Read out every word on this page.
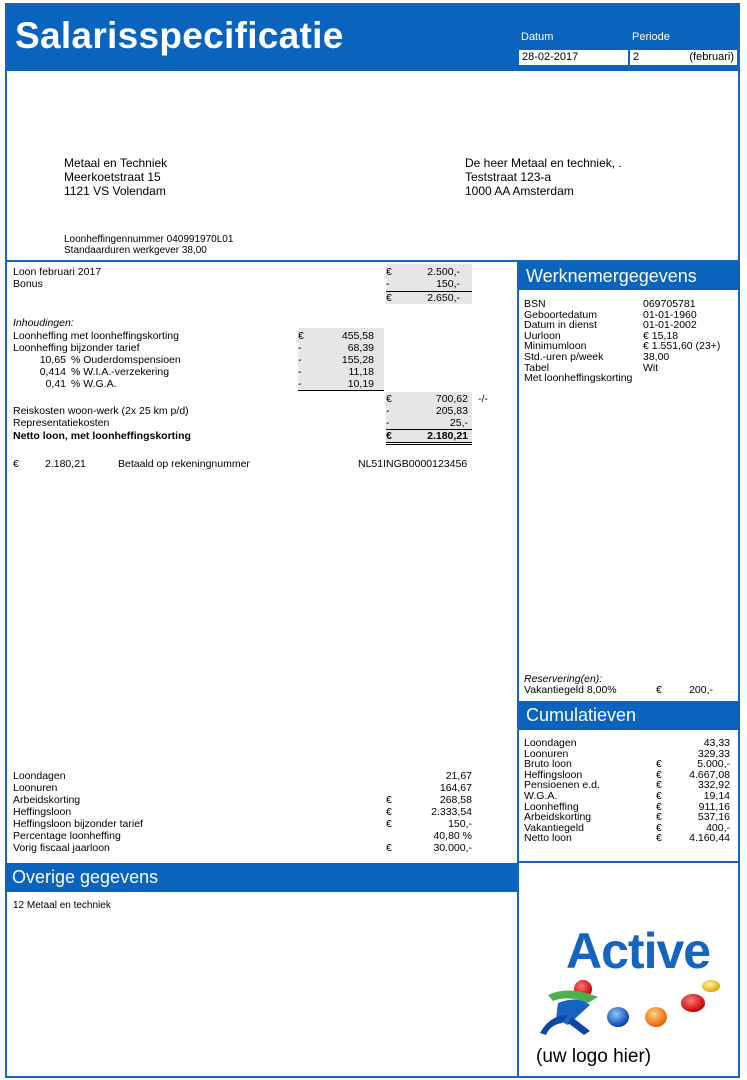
Salarisspecificatie	Datum	Periode
28-02-2017	2	(februari)
Metaal en Techniek
Meerkoetstraat 15
1121 VS Volendam
De heer Metaal en techniek, .
Teststraat 123-a
1000 AA Amsterdam
Loonheffingennummer 040991970L01
Standaarduren werkgever 38,00
Loon februari 2017	€	2.500,-
Bonus	-	150,-
€	2.650,-
Inhoudingen:
Loonheffing met loonheffingskorting	€	455,58
Loonheffing bijzonder tarief	-	68,39
10,65 % Ouderdomspensioen	-	155,28
0,414 % W.I.A.-verzekering	-	11,18
0,41 % W.G.A.	-	10,19
€	700,62 -/-
Reiskosten woon-werk (2x 25 km p/d)	-	205,83
Representatiekosten	-	25,-
Netto loon, met loonheffingskorting	€	2.180,21
€ 2.180,21	Betaald op rekeningnummer	NL51INGB0000123456
Loondagen	21,67
Loonuren	164,67
Arbeidskorting	€	268,58
Heffingsloon	€	2.333,54
Heffingsloon bijzonder tarief	€	150,-
Percentage loonheffing	40,80 %
Vorig fiscaal jaarloon	€	30.000,-
Overige gegevens
12 Metaal en techniek
Werknemergegevens
BSN	069705781
Geboortedatum	01-01-1960
Datum in dienst	01-01-2002
Uurloon	€ 15,18
Minimumloon	€ 1.551,60 (23+)
Std.-uren p/week	38,00
Tabel	Wit
Met loonheffingskorting
Reservering(en):
Vakantiegeld 8,00%	€	200,-
Cumulatieven
Loondagen	43,33
Loonuren	329,33
Bruto loon	€	5.000,-
Heffingsloon	€	4.667,08
Pensioenen e.d.	€	332,92
W.G.A.	€	19,14
Loonheffing	€	911,16
Arbeidskorting	€	537,16
Vakantiegeld	€	400,-
Netto loon	€	4.160,44
Active
(uw logo hier)
